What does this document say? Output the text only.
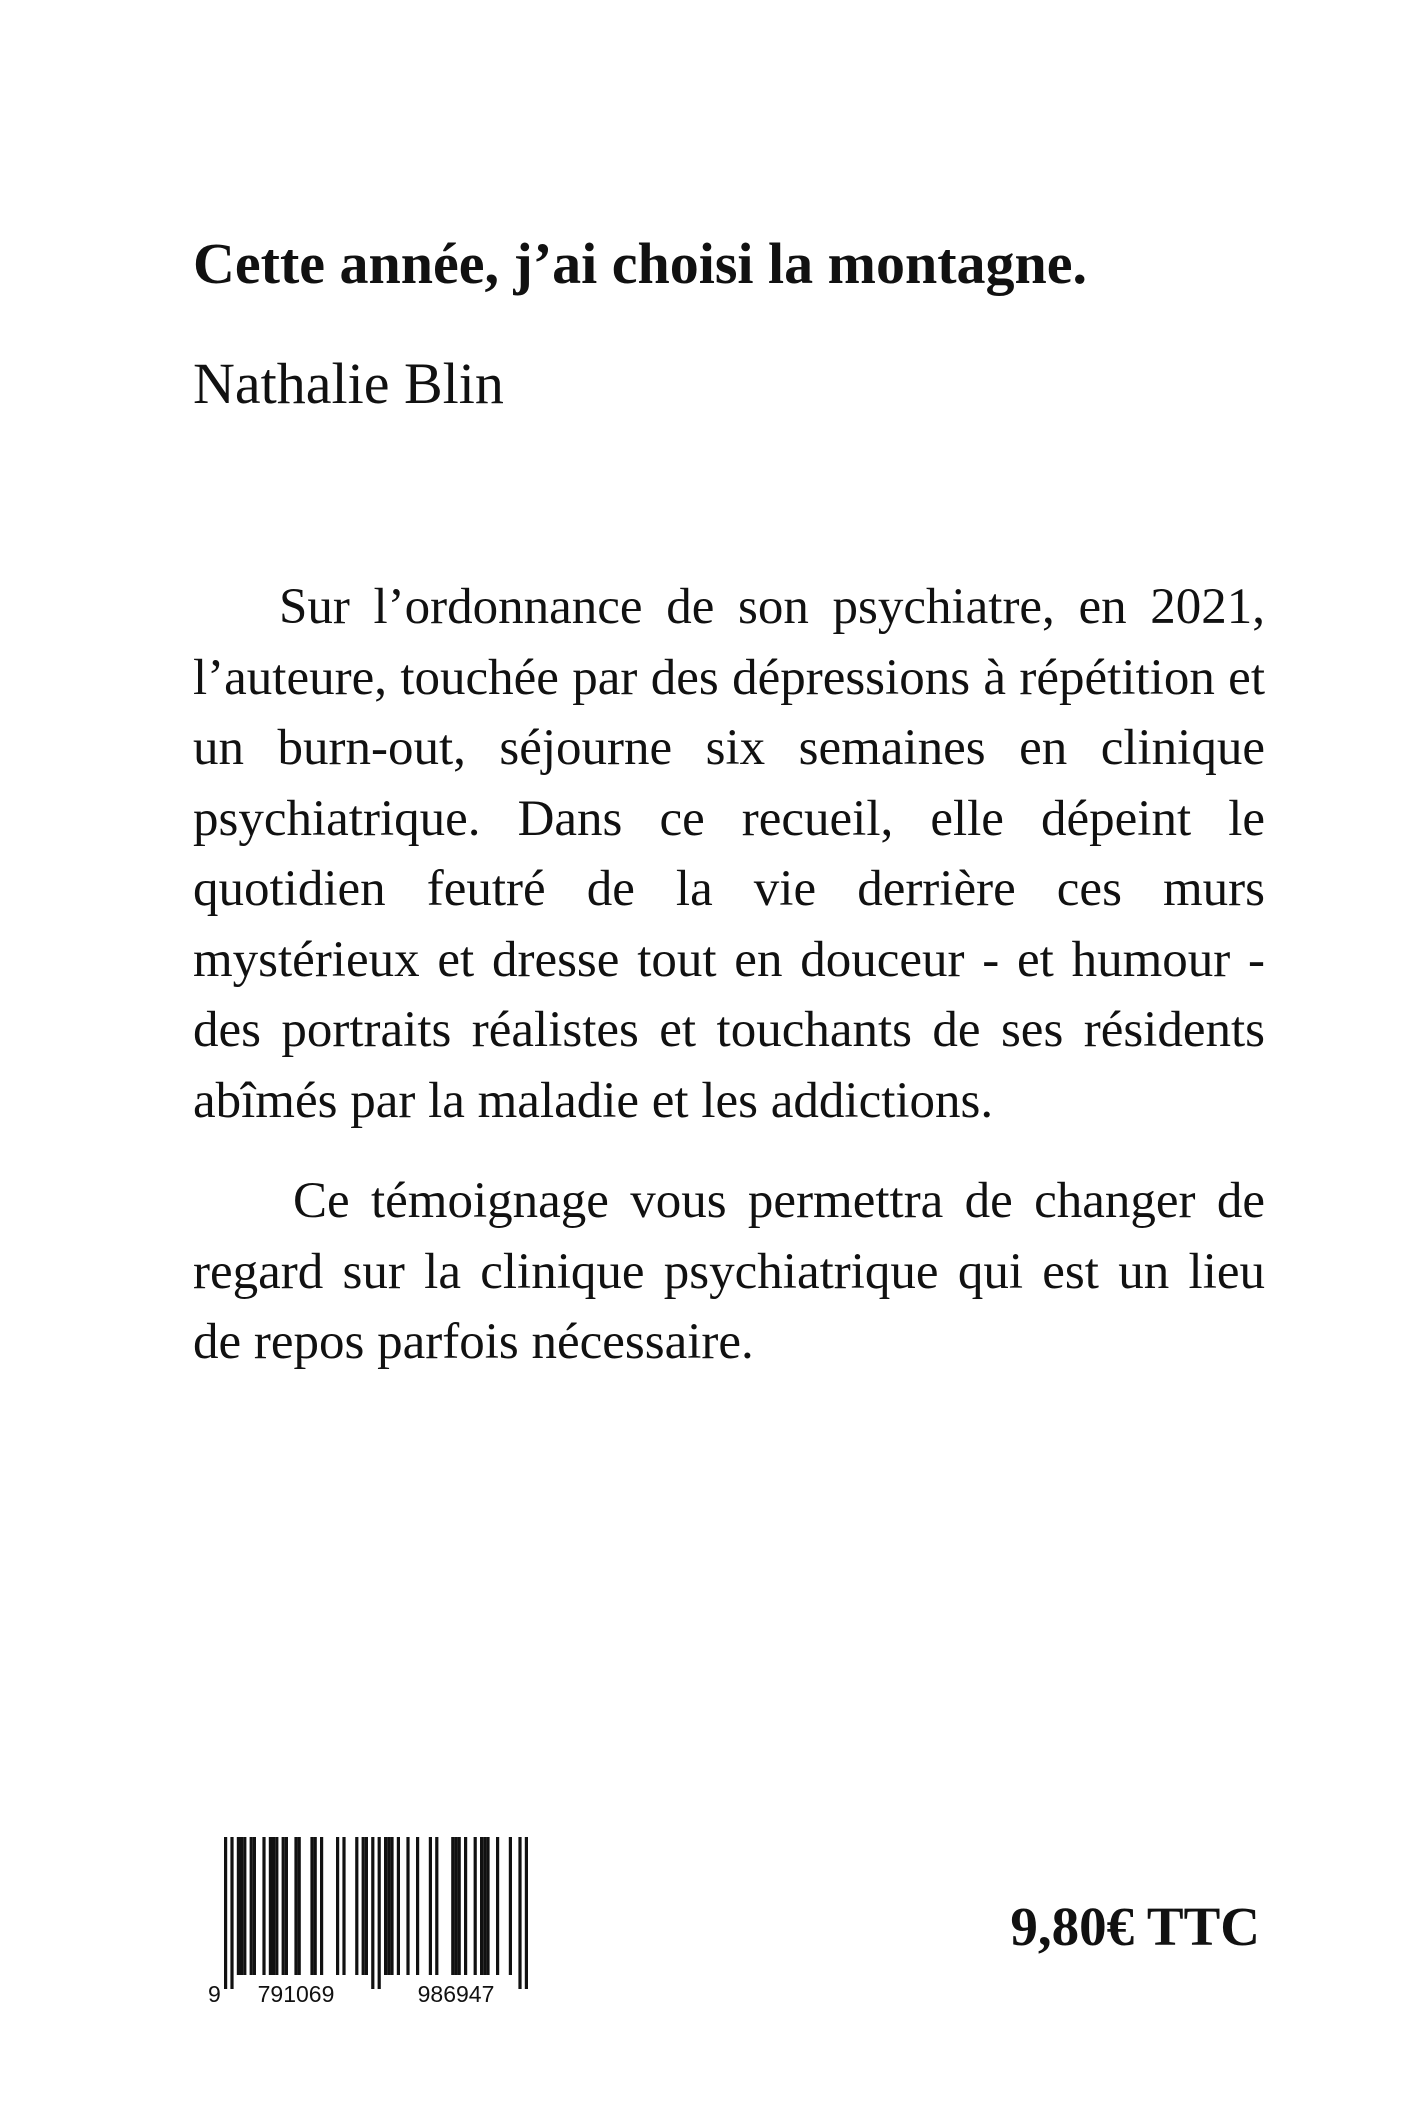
Cette année, j’ai choisi la montagne.
Nathalie Blin

Sur l’ordonnance de son psychiatre, en 2021, l’auteure, touchée par des dépressions à répétition et un burn-out, séjourne six semaines en clinique psychiatrique. Dans ce recueil, elle dépeint le quotidien feutré de la vie derrière ces murs mystérieux et dresse tout en douceur - et humour - des portraits réalistes et touchants de ses résidents abîmés par la maladie et les addictions.

Ce témoignage vous permettra de changer de regard sur la clinique psychiatrique qui est un lieu de repos parfois nécessaire.

9 791069	986947
9,80€ TTC
